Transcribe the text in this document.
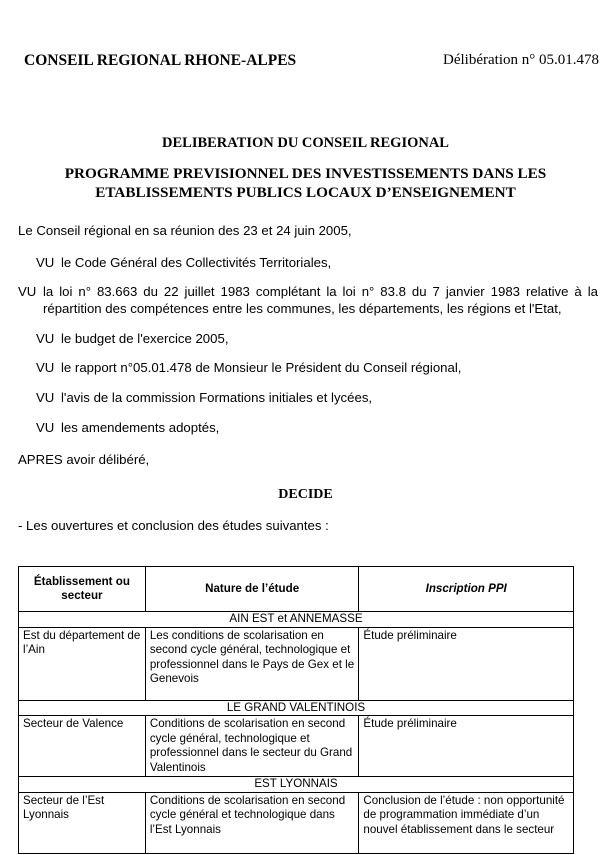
CONSEIL REGIONAL RHONE-ALPES	Délibération n° 05.01.478
DELIBERATION DU CONSEIL REGIONAL
PROGRAMME PREVISIONNEL DES INVESTISSEMENTS DANS LES ETABLISSEMENTS PUBLICS LOCAUX D’ENSEIGNEMENT
Le Conseil régional en sa réunion des 23 et 24 juin 2005,
VU le Code Général des Collectivités Territoriales,
VU la loi n° 83.663 du 22 juillet 1983 complétant la loi n° 83.8 du 7 janvier 1983 relative à la répartition des compétences entre les communes, les départements, les régions et l'Etat,
VU le budget de l'exercice 2005,
VU le rapport n°05.01.478 de Monsieur le Président du Conseil régional,
VU l'avis de la commission Formations initiales et lycées,
VU les amendements adoptés,
APRES avoir délibéré,
DECIDE
- Les ouvertures et conclusion des études suivantes :
Établissement ou secteur	Nature de l’étude	Inscription PPI
AIN EST et ANNEMASSE		
Est du département de l’Ain	Les conditions de scolarisation en second cycle général, technologique et professionnel dans le Pays de Gex et le Genevois	Étude préliminaire
LE GRAND VALENTINOIS		
Secteur de Valence	Conditions de scolarisation en second cycle général, technologique et professionnel dans le secteur du Grand Valentinois	Étude préliminaire
EST LYONNAIS		
Secteur de l’Est Lyonnais	Conditions de scolarisation en second cycle général et technologique dans l’Est Lyonnais	Conclusion de l’étude : non opportunité de programmation immédiate d’un nouvel établissement dans le secteur
